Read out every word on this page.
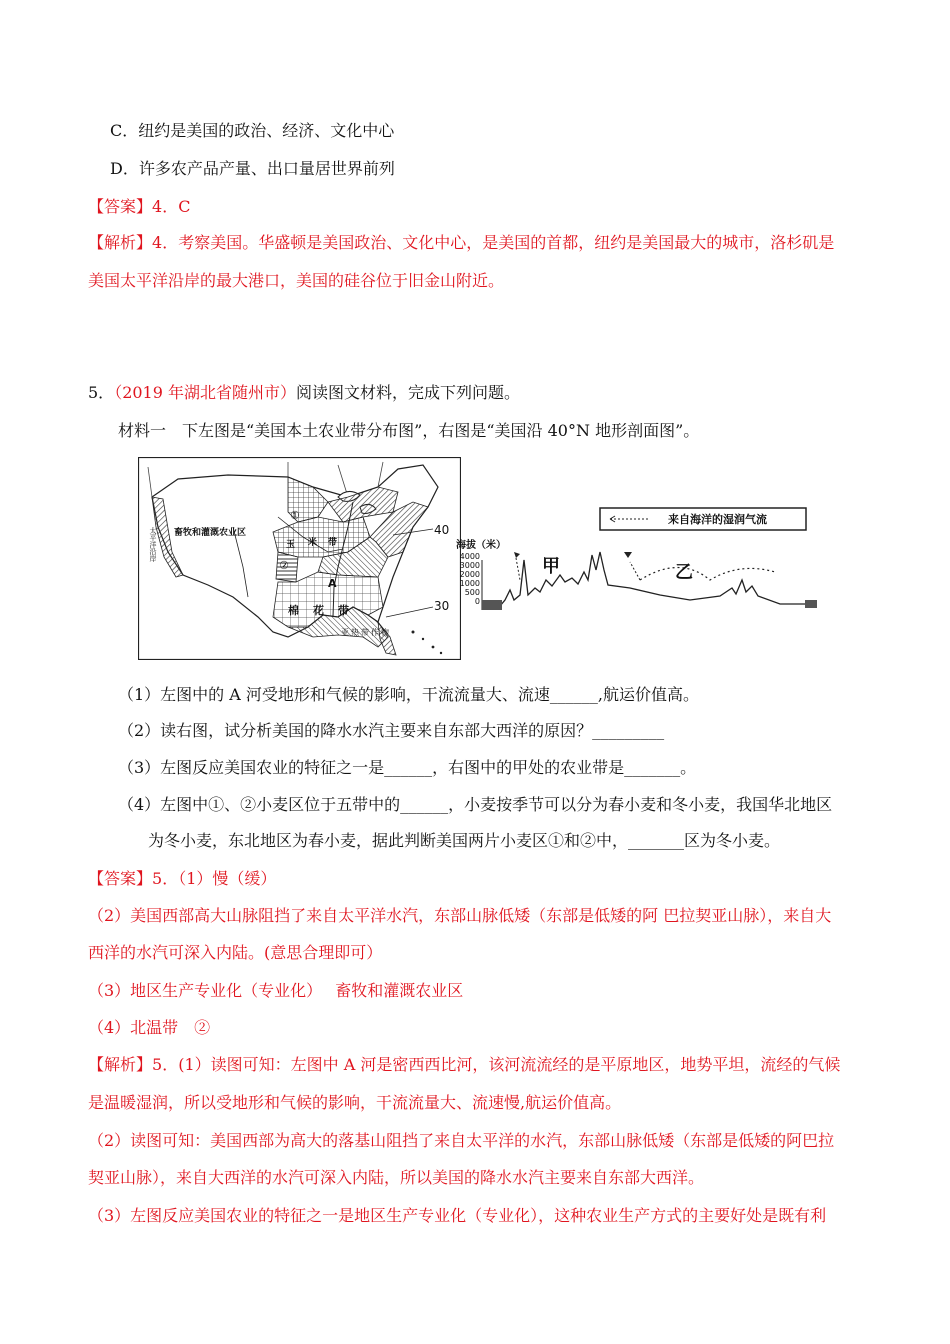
C．纽约是美国的政治、经济、文化中心
D．许多农产品产量、出口量居世界前列
【答案】4．C
【解析】4．考察美国。华盛顿是美国政治、文化中心，是美国的首都，纽约是美国最大的城市，洛杉矶是
美国太平洋沿岸的最大港口，美国的硅谷位于旧金山附近。
5．（2019 年湖北省随州市）阅读图文材料，完成下列问题。
材料一　下左图是“美国本土农业带分布图”，右图是“美国沿 40°N 地形剖面图”。
畜牧和灌溉农业区
太平洋沿岸
①
②
玉 米 带
A
棉 花 带
40
30
亚热带作物
来自海洋的湿润气流
海拔（米）
4000
3000
2000
1000
500
0
甲	乙
（1）左图中的 A 河受地形和气候的影响，干流流量大、流速______,航运价值高。
（2）读右图，试分析美国的降水水汽主要来自东部大西洋的原因？_________
（3）左图反应美国农业的特征之一是______，右图中的甲处的农业带是_______。
（4）左图中①、②小麦区位于五带中的______，小麦按季节可以分为春小麦和冬小麦，我国华北地区
为冬小麦，东北地区为春小麦，据此判断美国两片小麦区①和②中，_______区为冬小麦。
【答案】5．（1）慢（缓）
（2）美国西部高大山脉阻挡了来自太平洋水汽，东部山脉低矮（东部是低矮的阿 巴拉契亚山脉），来自大
西洋的水汽可深入内陆。(意思合理即可）
（3）地区生产专业化（专业化）　 畜牧和灌溉农业区
（4）北温带　②
【解析】5．(1）读图可知：左图中 A 河是密西西比河，该河流流经的是平原地区，地势平坦，流经的气候
是温暖湿润，所以受地形和气候的影响，干流流量大、流速慢,航运价值高。
（2）读图可知：美国西部为高大的落基山阻挡了来自太平洋的水汽，东部山脉低矮（东部是低矮的阿巴拉
契亚山脉），来自大西洋的水汽可深入内陆，所以美国的降水水汽主要来自东部大西洋。
（3）左图反应美国农业的特征之一是地区生产专业化（专业化），这种农业生产方式的主要好处是既有利
